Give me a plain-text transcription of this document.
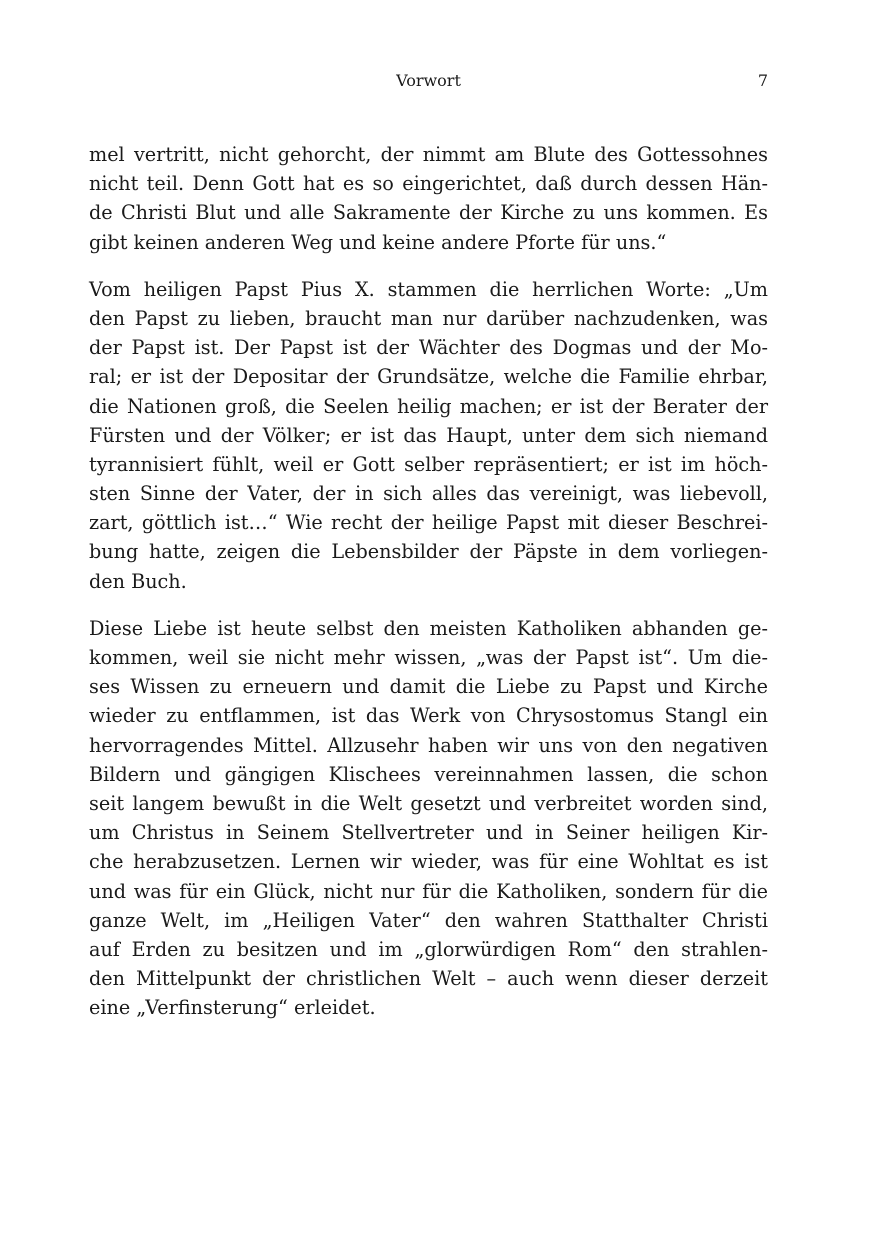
Vorwort	7

mel vertritt, nicht gehorcht, der nimmt am Blute des Gottessohnes
nicht teil. Denn Gott hat es so eingerichtet, daß durch dessen Hän-
de Christi Blut und alle Sakramente der Kirche zu uns kommen. Es
gibt keinen anderen Weg und keine andere Pforte für uns.“

Vom heiligen Papst Pius X. stammen die herrlichen Worte: „Um
den Papst zu lieben, braucht man nur darüber nachzudenken, was
der Papst ist. Der Papst ist der Wächter des Dogmas und der Mo-
ral; er ist der Depositar der Grundsätze, welche die Familie ehrbar,
die Nationen groß, die Seelen heilig machen; er ist der Berater der
Fürsten und der Völker; er ist das Haupt, unter dem sich niemand
tyrannisiert fühlt, weil er Gott selber repräsentiert; er ist im höch-
sten Sinne der Vater, der in sich alles das vereinigt, was liebevoll,
zart, göttlich ist…“ Wie recht der heilige Papst mit dieser Beschrei-
bung hatte, zeigen die Lebensbilder der Päpste in dem vorliegen-
den Buch.

Diese Liebe ist heute selbst den meisten Katholiken abhanden ge-
kommen, weil sie nicht mehr wissen, „was der Papst ist“. Um die-
ses Wissen zu erneuern und damit die Liebe zu Papst und Kirche
wieder zu entflammen, ist das Werk von Chrysostomus Stangl ein
hervorragendes Mittel. Allzusehr haben wir uns von den negativen
Bildern und gängigen Klischees vereinnahmen lassen, die schon
seit langem bewußt in die Welt gesetzt und verbreitet worden sind,
um Christus in Seinem Stellvertreter und in Seiner heiligen Kir-
che herabzusetzen. Lernen wir wieder, was für eine Wohltat es ist
und was für ein Glück, nicht nur für die Katholiken, sondern für die
ganze Welt, im „Heiligen Vater“ den wahren Statthalter Christi
auf Erden zu besitzen und im „glorwürdigen Rom“ den strahlen-
den Mittelpunkt der christlichen Welt – auch wenn dieser derzeit
eine „Verfinsterung“ erleidet.
